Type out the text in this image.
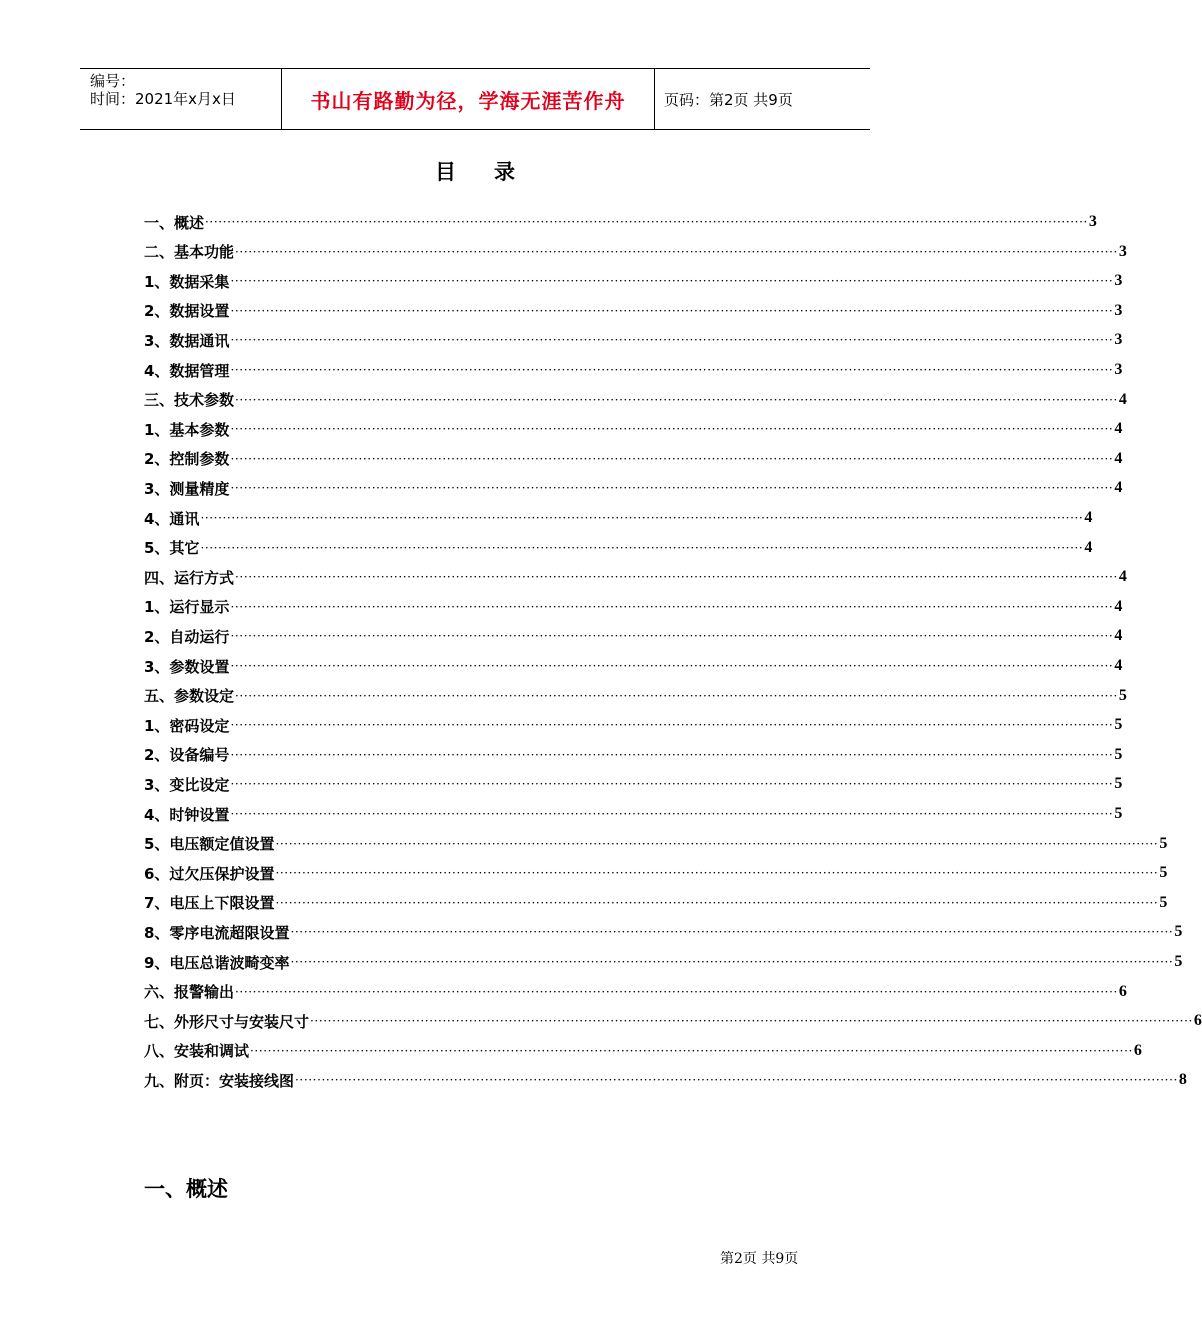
编号：
时间：2021年x月x日	书山有路勤为径，学海无涯苦作舟	页码：第2页 共9页
目录
一、概述 ········································································································································································································ 3
二、基本功能 ········································································································································································································ 3
1、数据采集 ········································································································································································································ 3
2、数据设置 ········································································································································································································ 3
3、数据通讯 ········································································································································································································ 3
4、数据管理 ········································································································································································································ 3
三、技术参数 ········································································································································································································ 4
1、基本参数 ········································································································································································································ 4
2、控制参数 ········································································································································································································ 4
3、测量精度 ········································································································································································································ 4
4、通讯 ········································································································································································································ 4
5、其它 ········································································································································································································ 4
四、运行方式 ········································································································································································································ 4
1、运行显示 ········································································································································································································ 4
2、自动运行 ········································································································································································································ 4
3、参数设置 ········································································································································································································ 4
五、参数设定 ········································································································································································································ 5
1、密码设定 ········································································································································································································ 5
2、设备编号 ········································································································································································································ 5
3、变比设定 ········································································································································································································ 5
4、时钟设置 ········································································································································································································ 5
5、电压额定值设置 ········································································································································································································ 5
6、过欠压保护设置 ········································································································································································································ 5
7、电压上下限设置 ········································································································································································································ 5
8、零序电流超限设置 ········································································································································································································ 5
9、电压总谐波畸变率 ········································································································································································································ 5
六、报警输出 ········································································································································································································ 6
七、外形尺寸与安装尺寸 ········································································································································································································ 6
八、安装和调试 ········································································································································································································ 6
九、附页：安装接线图 ········································································································································································································ 8
一、概述
第2页 共9页
